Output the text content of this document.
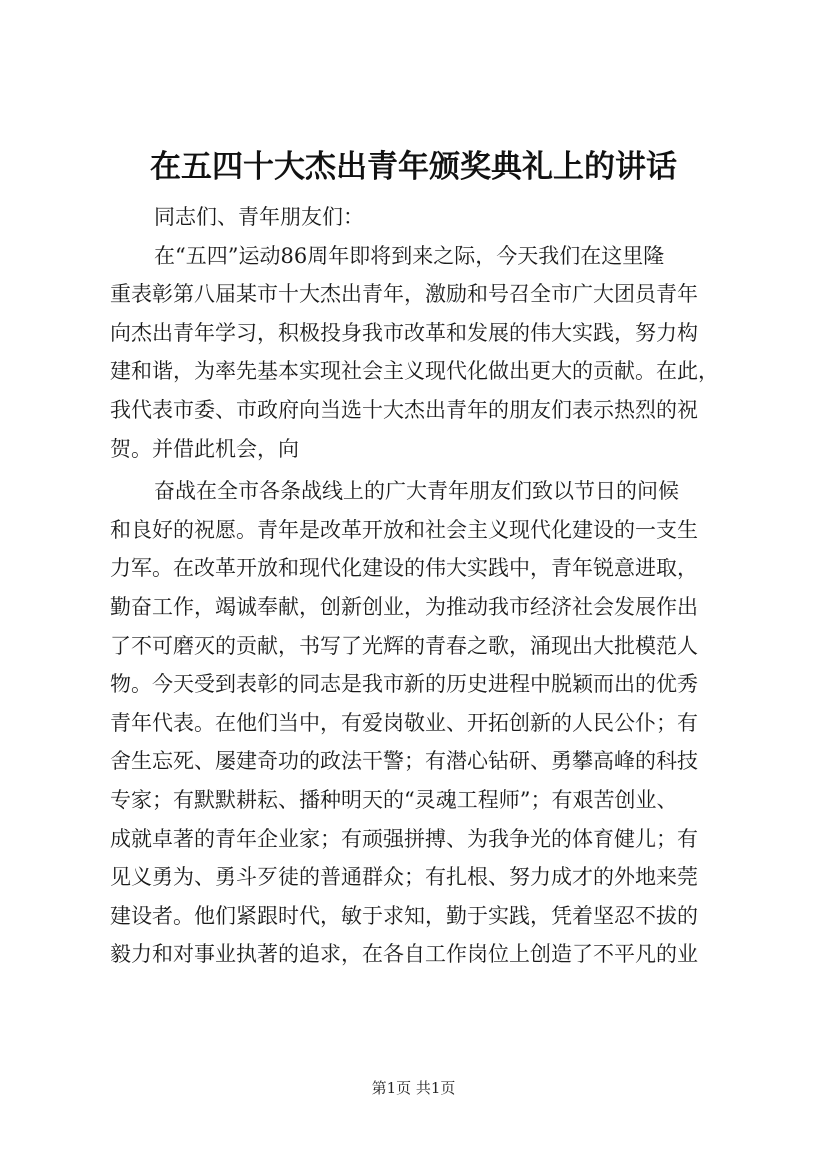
在五四十大杰出青年颁奖典礼上的讲话
同志们、青年朋友们：
在“五四”运动86周年即将到来之际，今天我们在这里隆
重表彰第八届某市十大杰出青年，激励和号召全市广大团员青年
向杰出青年学习，积极投身我市改革和发展的伟大实践，努力构
建和谐，为率先基本实现社会主义现代化做出更大的贡献。在此，
我代表市委、市政府向当选十大杰出青年的朋友们表示热烈的祝
贺。并借此机会，向
奋战在全市各条战线上的广大青年朋友们致以节日的问候
和良好的祝愿。青年是改革开放和社会主义现代化建设的一支生
力军。在改革开放和现代化建设的伟大实践中，青年锐意进取，
勤奋工作，竭诚奉献，创新创业，为推动我市经济社会发展作出
了不可磨灭的贡献，书写了光辉的青春之歌，涌现出大批模范人
物。今天受到表彰的同志是我市新的历史进程中脱颖而出的优秀
青年代表。在他们当中，有爱岗敬业、开拓创新的人民公仆；有
舍生忘死、屡建奇功的政法干警；有潜心钻研、勇攀高峰的科技
专家；有默默耕耘、播种明天的“灵魂工程师”；有艰苦创业、
成就卓著的青年企业家；有顽强拼搏、为我争光的体育健儿；有
见义勇为、勇斗歹徒的普通群众；有扎根、努力成才的外地来莞
建设者。他们紧跟时代，敏于求知，勤于实践，凭着坚忍不拔的
毅力和对事业执著的追求，在各自工作岗位上创造了不平凡的业
第1页 共1页
